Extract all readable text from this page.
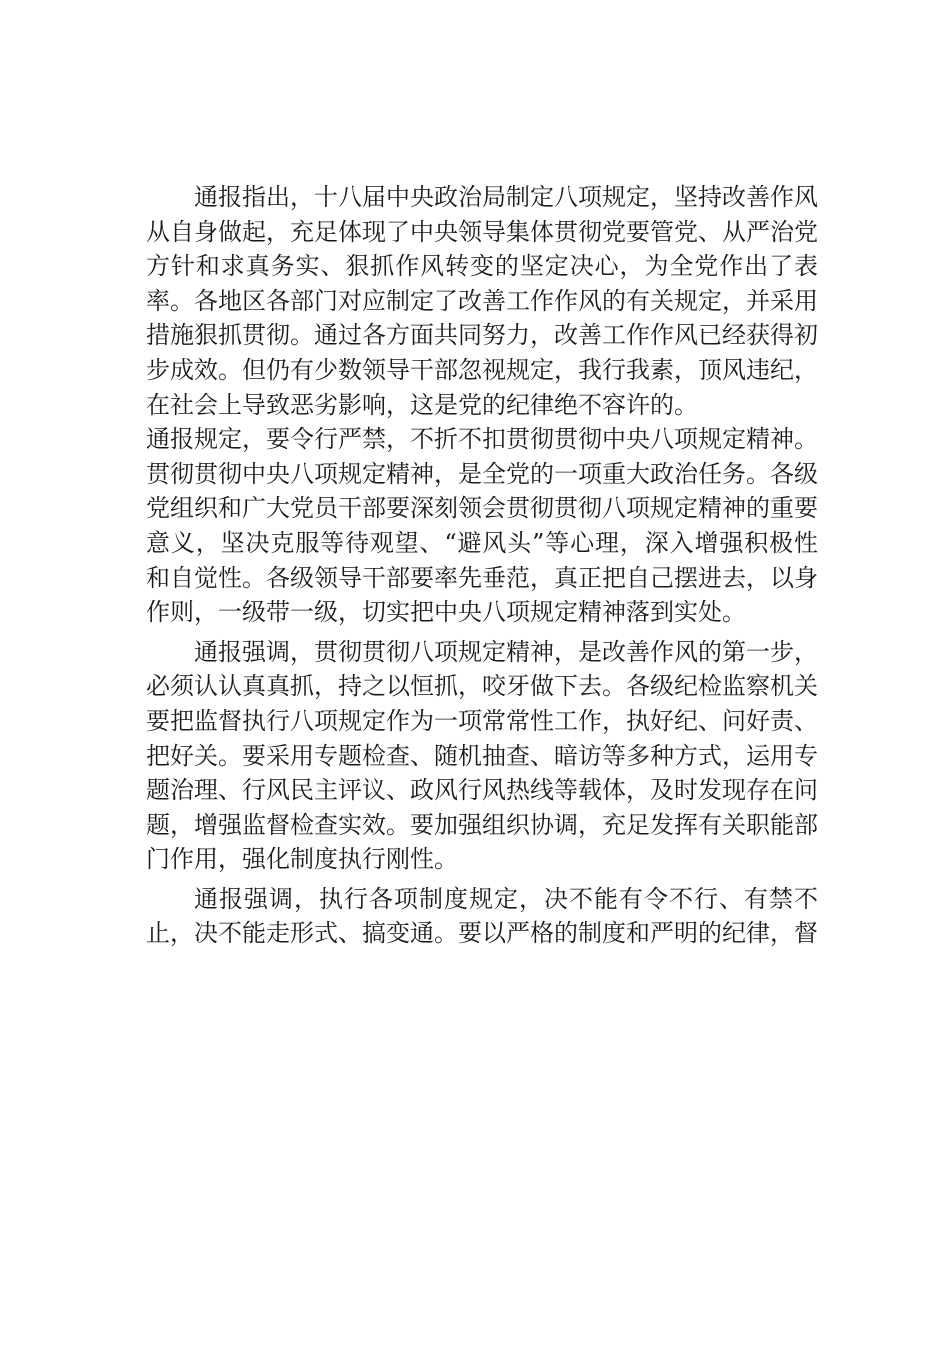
通报指出，十八届中央政治局制定八项规定，坚持改善作风从自身做起，充足体现了中央领导集体贯彻党要管党、从严治党方针和求真务实、狠抓作风转变的坚定决心，为全党作出了表率。各地区各部门对应制定了改善工作作风的有关规定，并采用措施狠抓贯彻。通过各方面共同努力，改善工作作风已经获得初步成效。但仍有少数领导干部忽视规定，我行我素，顶风违纪，在社会上导致恶劣影响，这是党的纪律绝不容许的。

通报规定，要令行严禁，不折不扣贯彻贯彻中央八项规定精神。贯彻贯彻中央八项规定精神，是全党的一项重大政治任务。各级党组织和广大党员干部要深刻领会贯彻贯彻八项规定精神的重要意义，坚决克服等待观望、“避风头”等心理，深入增强积极性和自觉性。各级领导干部要率先垂范，真正把自己摆进去，以身作则，一级带一级，切实把中央八项规定精神落到实处。

通报强调，贯彻贯彻八项规定精神，是改善作风的第一步，必须认认真真抓，持之以恒抓，咬牙做下去。各级纪检监察机关要把监督执行八项规定作为一项常常性工作，执好纪、问好责、把好关。要采用专题检查、随机抽查、暗访等多种方式，运用专题治理、行风民主评议、政风行风热线等载体，及时发现存在问题，增强监督检查实效。要加强组织协调，充足发挥有关职能部门作用，强化制度执行刚性。

通报强调，执行各项制度规定，决不能有令不行、有禁不止，决不能走形式、搞变通。要以严格的制度和严明的纪律，督
